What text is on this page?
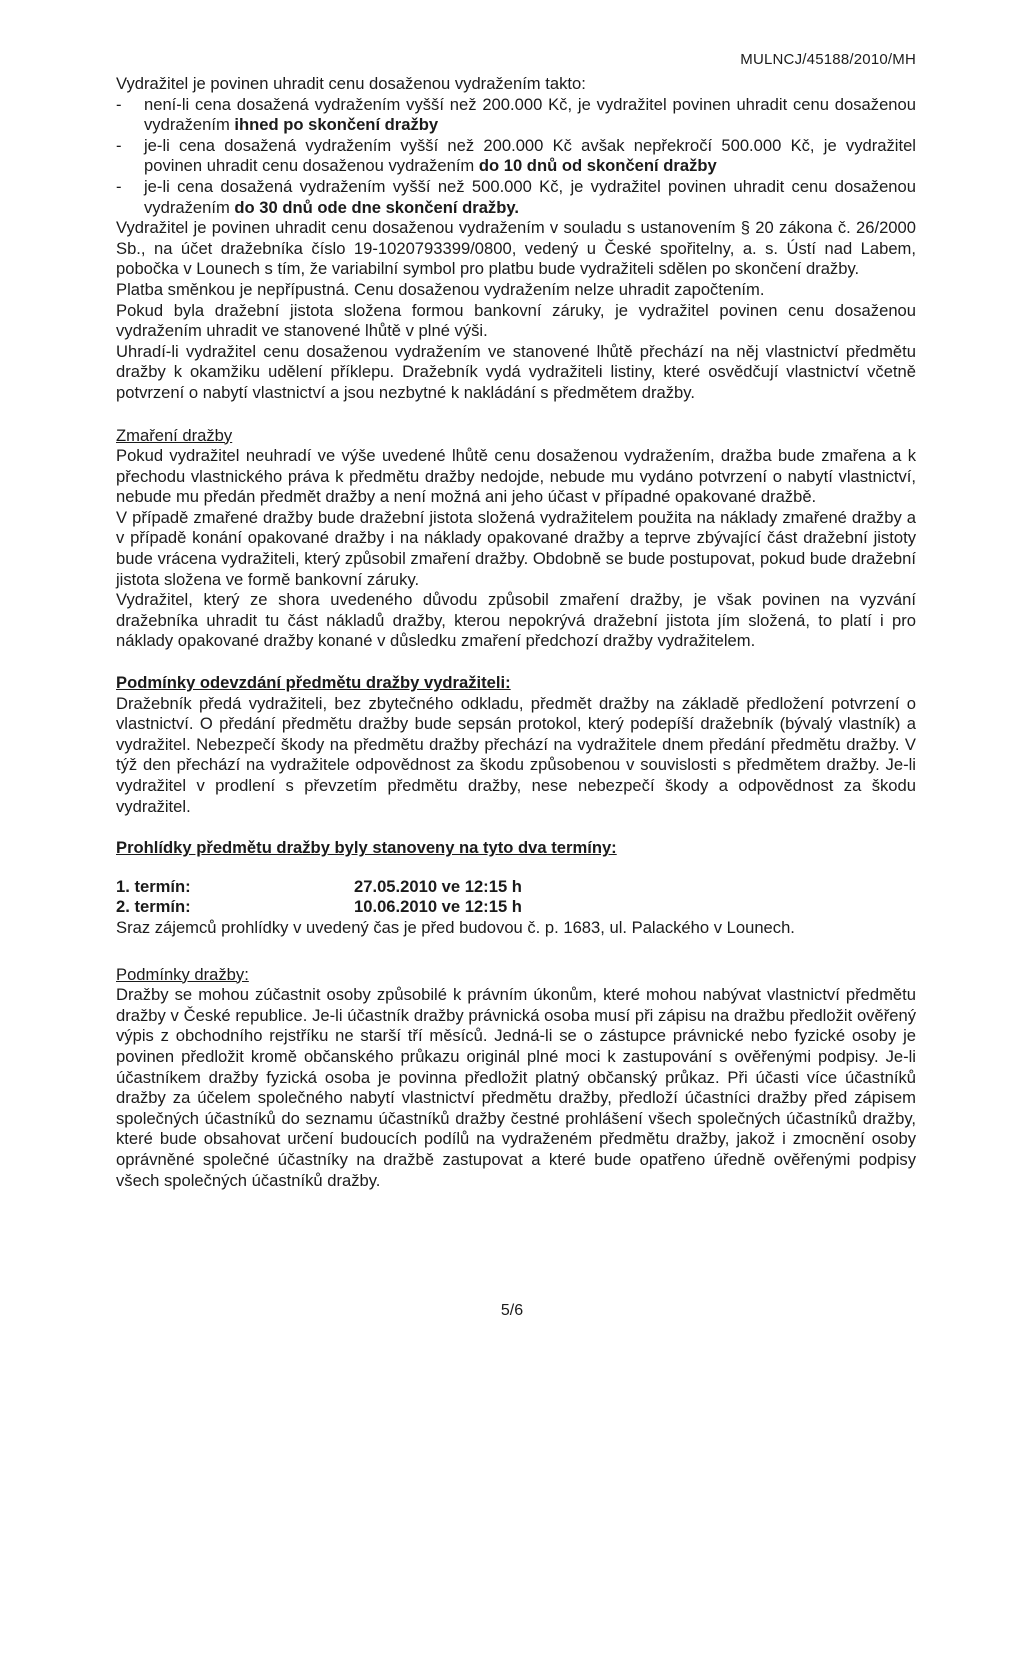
MULNCJ/45188/2010/MH

Vydražitel je povinen uhradit cenu dosaženou vydražením takto:

-	není-li cena dosažená vydražením vyšší než 200.000 Kč, je vydražitel povinen uhradit cenu dosaženou vydražením ihned po skončení dražby
-	je-li cena dosažená vydražením vyšší než 200.000 Kč avšak nepřekročí 500.000 Kč, je vydražitel povinen uhradit cenu dosaženou vydražením do 10 dnů od skončení dražby
-	je-li cena dosažená vydražením vyšší než 500.000 Kč, je vydražitel povinen uhradit cenu dosaženou vydražením do 30 dnů ode dne skončení dražby.

Vydražitel je povinen uhradit cenu dosaženou vydražením v souladu s ustanovením § 20 zákona č. 26/2000 Sb., na účet dražebníka číslo 19-1020793399/0800, vedený u České spořitelny, a. s. Ústí nad Labem, pobočka v Lounech s tím, že variabilní symbol pro platbu bude vydražiteli sdělen po skončení dražby.

Platba směnkou je nepřípustná. Cenu dosaženou vydražením nelze uhradit započtením.

Pokud byla dražební jistota složena formou bankovní záruky, je vydražitel povinen cenu dosaženou vydražením uhradit ve stanovené lhůtě v plné výši.

Uhradí-li vydražitel cenu dosaženou vydražením ve stanovené lhůtě přechází na něj vlastnictví předmětu dražby k okamžiku udělení příklepu. Dražebník vydá vydražiteli listiny, které osvědčují vlastnictví včetně potvrzení o nabytí vlastnictví a jsou nezbytné k nakládání s předmětem dražby.

Zmaření dražby

Pokud vydražitel neuhradí ve výše uvedené lhůtě cenu dosaženou vydražením, dražba bude zmařena a k přechodu vlastnického práva k předmětu dražby nedojde, nebude mu vydáno potvrzení o nabytí vlastnictví, nebude mu předán předmět dražby a není možná ani jeho účast v případné opakované dražbě.

V případě zmařené dražby bude dražební jistota složená vydražitelem použita na náklady zmařené dražby a v případě konání opakované dražby i na náklady opakované dražby a teprve zbývající část dražební jistoty bude vrácena vydražiteli, který způsobil zmaření dražby. Obdobně se bude postupovat, pokud bude dražební jistota složena ve formě bankovní záruky.

Vydražitel, který ze shora uvedeného důvodu způsobil zmaření dražby, je však povinen na vyzvání dražebníka uhradit tu část nákladů dražby, kterou nepokrývá dražební jistota jím složená, to platí i pro náklady opakované dražby konané v důsledku zmaření předchozí dražby vydražitelem.

Podmínky odevzdání předmětu dražby vydražiteli:

Dražebník předá vydražiteli, bez zbytečného odkladu, předmět dražby na základě předložení potvrzení o vlastnictví. O předání předmětu dražby bude sepsán protokol, který podepíší dražebník (bývalý vlastník) a vydražitel. Nebezpečí škody na předmětu dražby přechází na vydražitele dnem předání předmětu dražby. V týž den přechází na vydražitele odpovědnost za škodu způsobenou v souvislosti s předmětem dražby. Je-li vydražitel v prodlení s převzetím předmětu dražby, nese nebezpečí škody a odpovědnost za škodu vydražitel.

Prohlídky předmětu dražby byly stanoveny na tyto dva termíny:
1. termín:	27.05.2010 ve 12:15 h
2. termín:	10.06.2010 ve 12:15 h

Sraz zájemců prohlídky v uvedený čas je před budovou č. p. 1683, ul. Palackého v Lounech.

Podmínky dražby:

Dražby se mohou zúčastnit osoby způsobilé k právním úkonům, které mohou nabývat vlastnictví předmětu dražby v České republice. Je-li účastník dražby právnická osoba musí při zápisu na dražbu předložit ověřený výpis z obchodního rejstříku ne starší tří měsíců. Jedná-li se o zástupce právnické nebo fyzické osoby je povinen předložit kromě občanského průkazu originál plné moci k zastupování s ověřenými podpisy. Je-li účastníkem dražby fyzická osoba je povinna předložit platný občanský průkaz. Při účasti více účastníků dražby za účelem společného nabytí vlastnictví předmětu dražby, předloží účastníci dražby před zápisem společných účastníků do seznamu účastníků dražby čestné prohlášení všech společných účastníků dražby, které bude obsahovat určení budoucích podílů na vydraženém předmětu dražby, jakož i zmocnění osoby oprávněné společné účastníky na dražbě zastupovat a které bude opatřeno úředně ověřenými podpisy všech společných účastníků dražby.

5/6
